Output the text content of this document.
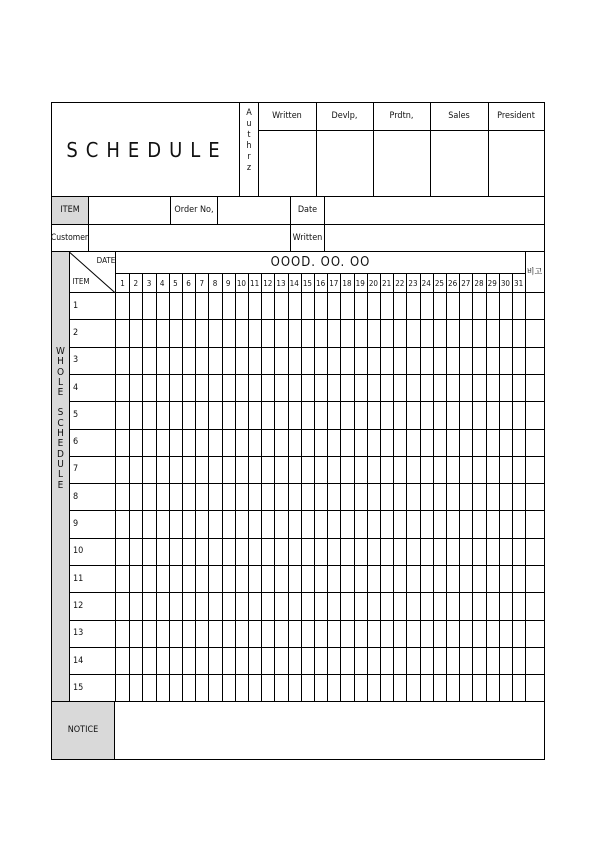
SCHEDULE
A
u
t
h
r
z
Written	Devlp,	Prdtn,	Sales	President
ITEM	Order No,	Date
Customer	Written
W
H
O
L
E

S
C
H
E
D
U
L
E
DATE
ITEM
OOOD. OO. OO
비고
1	2	3	4	5	6	7	8	9 10 11 12 13 14 15 16 17 18 19 20 21 22 23 24 25 26 27 28 29 30 31
1
2
3
4
5
6
7
8
9
10
11
12
13
14
15
NOTICE
